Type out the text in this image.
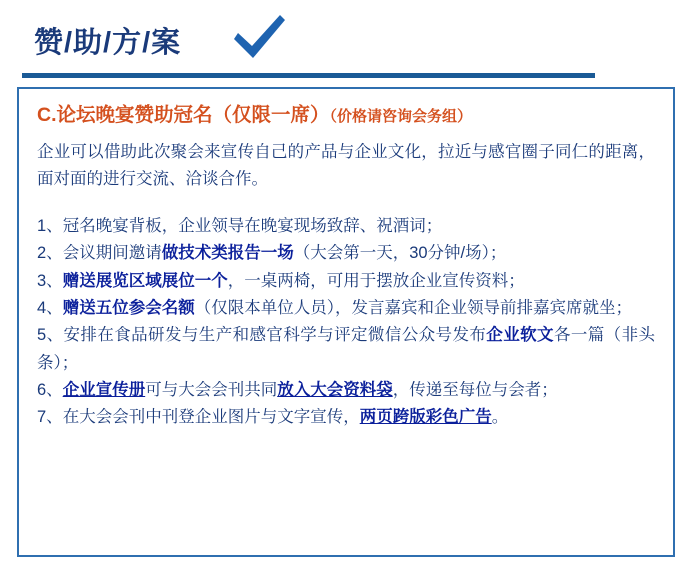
赞/助/方/案
C.论坛晚宴赞助冠名（仅限一席）（价格请咨询会务组）
企业可以借助此次聚会来宣传自己的产品与企业文化，拉近与感官圈子同仁的距离，面对面的进行交流、洽谈合作。

1、冠名晚宴背板，企业领导在晚宴现场致辞、祝酒词；

2、会议期间邀请做技术类报告一场（大会第一天，30分钟/场）；

3、赠送展览区域展位一个，一桌两椅，可用于摆放企业宣传资料；

4、赠送五位参会名额（仅限本单位人员），发言嘉宾和企业领导前排嘉宾席就坐；

5、安排在食品研发与生产和感官科学与评定微信公众号发布企业软文各一篇（非头条）；

6、企业宣传册可与大会会刊共同放入大会资料袋，传递至每位与会者；

7、在大会会刊中刊登企业图片与文字宣传，两页跨版彩色广告。
